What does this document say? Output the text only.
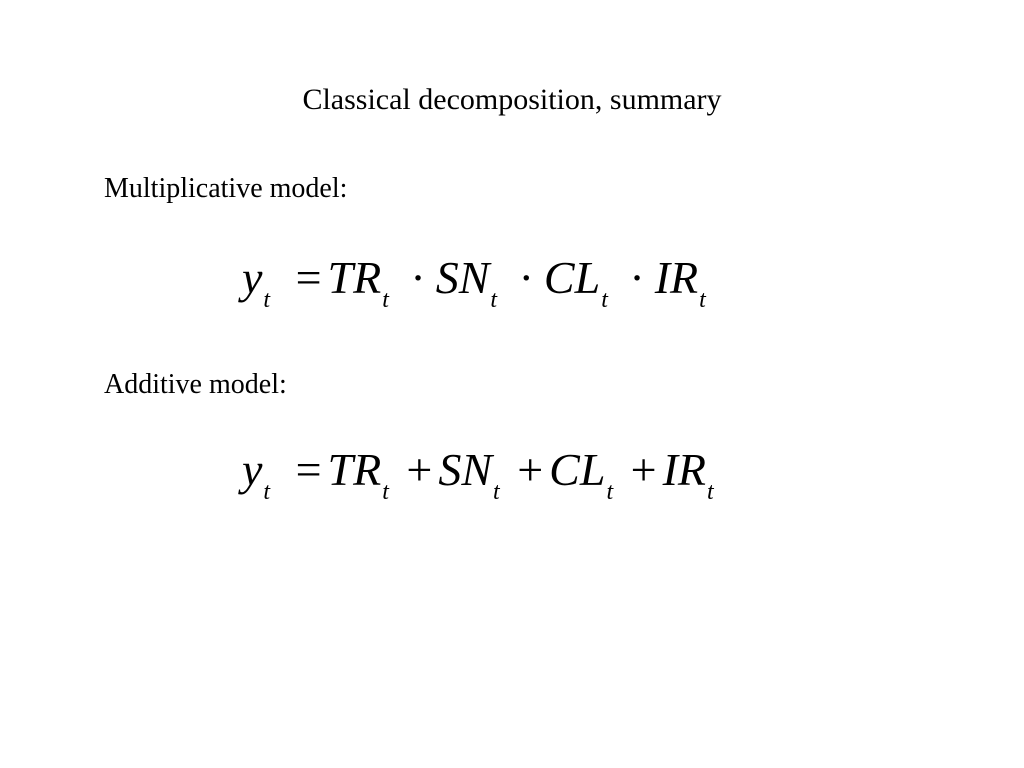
Classical decomposition, summary
Multiplicative model:
$y_t = TR_t \cdot SN_t \cdot CL_t \cdot IR_t$
Additive model:
$y_t = TR_t + SN_t + CL_t + IR_t$
